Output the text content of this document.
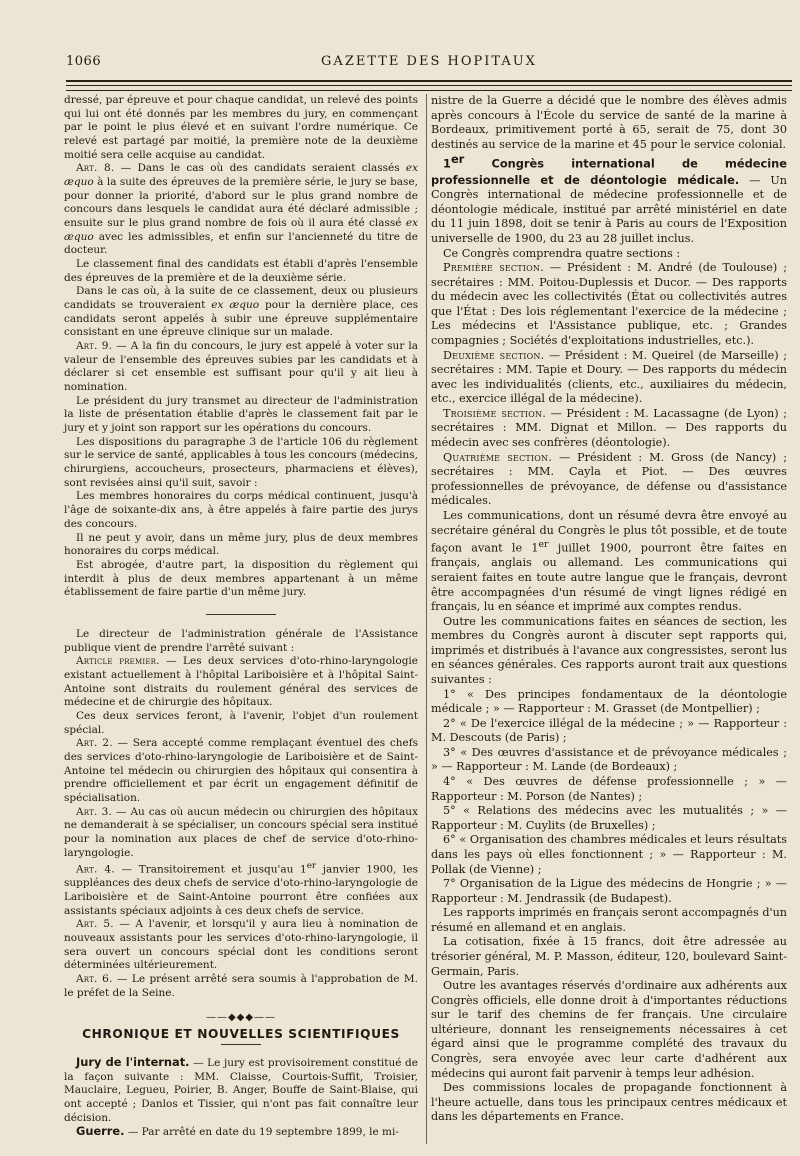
1066	GAZETTE DES HOPITAUX

dressé, par épreuve et pour chaque candidat, un relevé des points qui lui ont été donnés par les membres du jury, en commençant par le point le plus élevé et en suivant l'ordre numérique. Ce relevé est partagé par moitié, la première note de la deuxième moitié sera celle acquise au candidat.

Art. 8. — Dans le cas où des candidats seraient classés ex æquo à la suite des épreuves de la première série, le jury se base, pour donner la priorité, d'abord sur le plus grand nombre de concours dans lesquels le candidat aura été déclaré admissible ; ensuite sur le plus grand nombre de fois où il aura été classé ex æquo avec les admissibles, et enfin sur l'ancienneté du titre de docteur.

Le classement final des candidats est établi d'après l'ensemble des épreuves de la première et de la deuxième série.

Dans le cas où, à la suite de ce classement, deux ou plusieurs candidats se trouveraient ex æquo pour la dernière place, ces candidats seront appelés à subir une épreuve supplémentaire consistant en une épreuve clinique sur un malade.

Art. 9. — A la fin du concours, le jury est appelé à voter sur la valeur de l'ensemble des épreuves subies par les candidats et à déclarer si cet ensemble est suffisant pour qu'il y ait lieu à nomination.

Le président du jury transmet au directeur de l'administration la liste de présentation établie d'après le classement fait par le jury et y joint son rapport sur les opérations du concours.

Les dispositions du paragraphe 3 de l'article 106 du règlement sur le service de santé, applicables à tous les concours (médecins, chirurgiens, accoucheurs, prosecteurs, pharmaciens et élèves), sont revisées ainsi qu'il suit, savoir :

Les membres honoraires du corps médical continuent, jusqu'à l'âge de soixante-dix ans, à être appelés à faire partie des jurys des concours.

Il ne peut y avoir, dans un même jury, plus de deux membres honoraires du corps médical.

Est abrogée, d'autre part, la disposition du règlement qui interdit à plus de deux membres appartenant à un même établissement de faire partie d'un même jury.

Le directeur de l'administration générale de l'Assistance publique vient de prendre l'arrêté suivant :

Article premier. — Les deux services d'oto-rhino-laryngologie existant actuellement à l'hôpital Lariboisière et à l'hôpital Saint-Antoine sont distraits du roulement général des services de médecine et de chirurgie des hôpitaux.

Ces deux services feront, à l'avenir, l'objet d'un roulement spécial.

Art. 2. — Sera accepté comme remplaçant éventuel des chefs des services d'oto-rhino-laryngologie de Lariboisière et de Saint-Antoine tel médecin ou chirurgien des hôpitaux qui consentira à prendre officiellement et par écrit un engagement définitif de spécialisation.

Art. 3. — Au cas où aucun médecin ou chirurgien des hôpitaux ne demanderait à se spécialiser, un concours spécial sera institué pour la nomination aux places de chef de service d'oto-rhino-laryngologie.

Art. 4. — Transitoirement et jusqu'au 1er janvier 1900, les suppléances des deux chefs de service d'oto-rhino-laryngologie de Lariboisière et de Saint-Antoine pourront être confiées aux assistants spéciaux adjoints à ces deux chefs de service.

Art. 5. — A l'avenir, et lorsqu'il y aura lieu à nomination de nouveaux assistants pour les services d'oto-rhino-laryngologie, il sera ouvert un concours spécial dont les conditions seront déterminées ultérieurement.

Art. 6. — Le présent arrêté sera soumis à l'approbation de M. le préfet de la Seine.

——◆◆◆——
CHRONIQUE ET NOUVELLES SCIENTIFIQUES

Jury de l'internat. — Le jury est provisoirement constitué de la façon suivante : MM. Claisse, Courtois-Suffit, Troisier, Mauclaire, Legueu, Poirier, B. Anger, Bouffe de Saint-Blaise, qui ont accepté ; Danlos et Tissier, qui n'ont pas fait connaître leur décision.

Guerre. — Par arrêté en date du 19 septembre 1899, le mi-

nistre de la Guerre a décidé que le nombre des élèves admis après concours à l'École du service de santé de la marine à Bordeaux, primitivement porté à 65, serait de 75, dont 30 destinés au service de la marine et 45 pour le service colonial.

1er Congrès international de médecine professionnelle et de déontologie médicale. — Un Congrès international de médecine professionnelle et de déontologie médicale, institué par arrêté ministériel en date du 11 juin 1898, doit se tenir à Paris au cours de l'Exposition universelle de 1900, du 23 au 28 juillet inclus.

Ce Congrès comprendra quatre sections :

Première section. — Président : M. André (de Toulouse) ; secrétaires : MM. Poitou-Duplessis et Ducor. — Des rapports du médecin avec les collectivités (État ou collectivités autres que l'État : Des lois réglementant l'exercice de la médecine ; Les médecins et l'Assistance publique, etc. ; Grandes compagnies ; Sociétés d'exploitations industrielles, etc.).

Deuxième section. — Président : M. Queirel (de Marseille) ; secrétaires : MM. Tapie et Doury. — Des rapports du médecin avec les individualités (clients, etc., auxiliaires du médecin, etc., exercice illégal de la médecine).

Troisième section. — Président : M. Lacassagne (de Lyon) ; secrétaires : MM. Dignat et Millon. — Des rapports du médecin avec ses confrères (déontologie).

Quatrième section. — Président : M. Gross (de Nancy) ; secrétaires : MM. Cayla et Piot. — Des œuvres professionnelles de prévoyance, de défense ou d'assistance médicales.

Les communications, dont un résumé devra être envoyé au secrétaire général du Congrès le plus tôt possible, et de toute façon avant le 1er juillet 1900, pourront être faites en français, anglais ou allemand. Les communications qui seraient faites en toute autre langue que le français, devront être accompagnées d'un résumé de vingt lignes rédigé en français, lu en séance et imprimé aux comptes rendus.

Outre les communications faites en séances de section, les membres du Congrès auront à discuter sept rapports qui, imprimés et distribués à l'avance aux congressistes, seront lus en séances générales. Ces rapports auront trait aux questions suivantes :

1° « Des principes fondamentaux de la déontologie médicale ; » — Rapporteur : M. Grasset (de Montpellier) ;

2° « De l'exercice illégal de la médecine ; » — Rapporteur : M. Descouts (de Paris) ;

3° « Des œuvres d'assistance et de prévoyance médicales ; » — Rapporteur : M. Lande (de Bordeaux) ;

4° « Des œuvres de défense professionnelle ; » — Rapporteur : M. Porson (de Nantes) ;

5° « Relations des médecins avec les mutualités ; » — Rapporteur : M. Cuylits (de Bruxelles) ;

6° « Organisation des chambres médicales et leurs résultats dans les pays où elles fonctionnent ; » — Rapporteur : M. Pollak (de Vienne) ;

7° Organisation de la Ligue des médecins de Hongrie ; » — Rapporteur : M. Jendrassik (de Budapest).

Les rapports imprimés en français seront accompagnés d'un résumé en allemand et en anglais.

La cotisation, fixée à 15 francs, doit être adressée au trésorier général, M. P. Masson, éditeur, 120, boulevard Saint-Germain, Paris.

Outre les avantages réservés d'ordinaire aux adhérents aux Congrès officiels, elle donne droit à d'importantes réductions sur le tarif des chemins de fer français. Une circulaire ultérieure, donnant les renseignements nécessaires à cet égard ainsi que le programme complété des travaux du Congrès, sera envoyée avec leur carte d'adhérent aux médecins qui auront fait parvenir à temps leur adhésion.

Des commissions locales de propagande fonctionnent à l'heure actuelle, dans tous les principaux centres médicaux et dans les départements en France.
